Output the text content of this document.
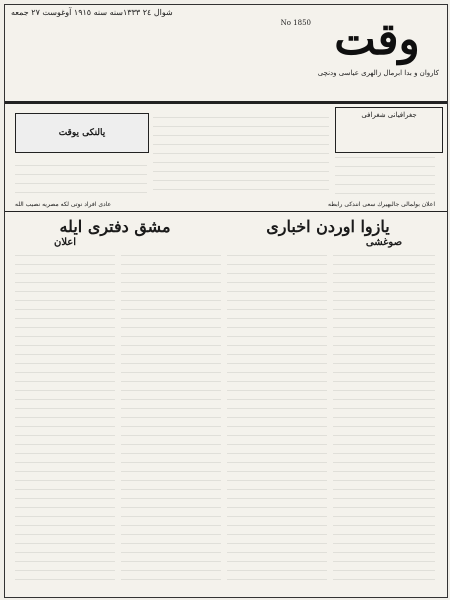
وقت
کاروان و بدا ابرمال زالهرى عياسى ودنچى
شوال ٢٤ ١٣٣٣سنه سنه ١٩١٥ آوغوست ٢٧ جمعه
No 1850
يالنکى يوقت
يازوا اوردن اخبارى
مشق دفترى ايله
جغرافيانى شغرافى
صوغشى
اعلان
عادى افراد نوتى لکه مصريه نصيب الله	اعلان بولمالى جالبهيرك سعى انندکى رابطه
